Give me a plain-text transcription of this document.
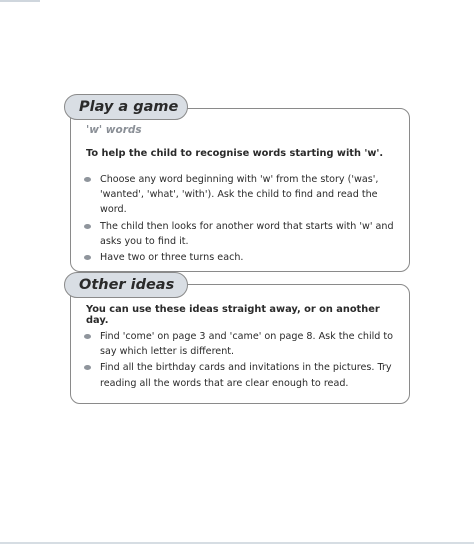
Play a game
'w' words
To help the child to recognise words starting with 'w'.
Choose any word beginning with 'w' from the story ('was', 'wanted', 'what', 'with'). Ask the child to find and read the word.
The child then looks for another word that starts with 'w' and asks you to find it.
Have two or three turns each.
Other ideas
You can use these ideas straight away, or on another day.
Find 'come' on page 3 and 'came' on page 8. Ask the child to say which letter is different.
Find all the birthday cards and invitations in the pictures. Try reading all the words that are clear enough to read.
